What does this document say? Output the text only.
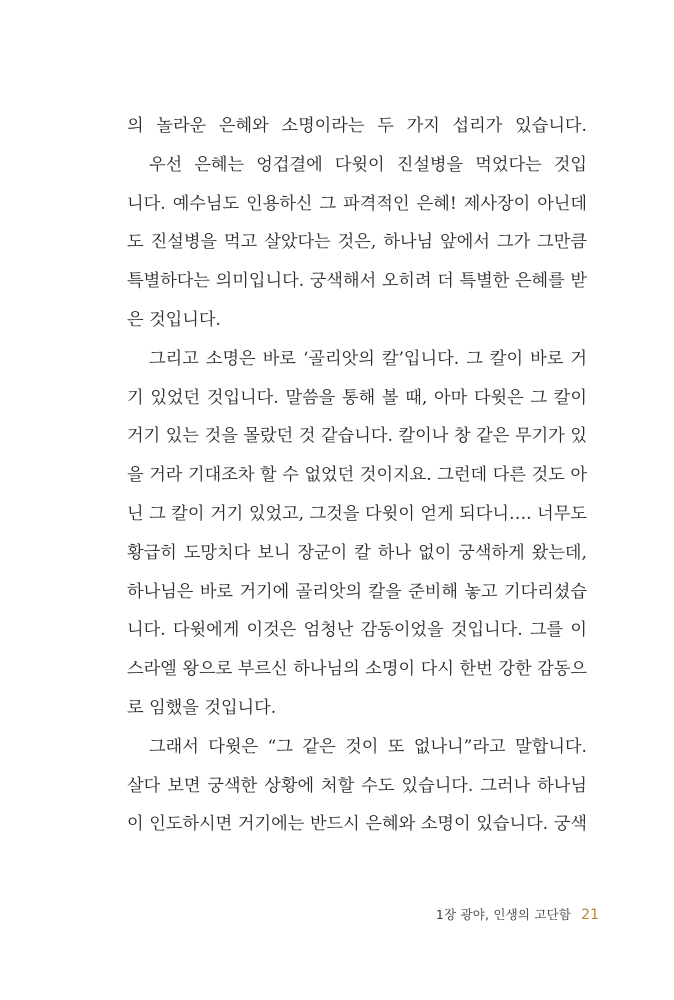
의 놀라운 은혜와 소명이라는 두 가지 섭리가 있습니다.
우선 은혜는 엉겁결에 다윗이 진설병을 먹었다는 것입
니다. 예수님도 인용하신 그 파격적인 은혜! 제사장이 아닌데
도 진설병을 먹고 살았다는 것은, 하나님 앞에서 그가 그만큼
특별하다는 의미입니다. 궁색해서 오히려 더 특별한 은혜를 받
은 것입니다.
그리고 소명은 바로 ‘골리앗의 칼’입니다. 그 칼이 바로 거
기 있었던 것입니다. 말씀을 통해 볼 때, 아마 다윗은 그 칼이
거기 있는 것을 몰랐던 것 같습니다. 칼이나 창 같은 무기가 있
을 거라 기대조차 할 수 없었던 것이지요. 그런데 다른 것도 아
닌 그 칼이 거기 있었고, 그것을 다윗이 얻게 되다니…. 너무도
황급히 도망치다 보니 장군이 칼 하나 없이 궁색하게 왔는데,
하나님은 바로 거기에 골리앗의 칼을 준비해 놓고 기다리셨습
니다. 다윗에게 이것은 엄청난 감동이었을 것입니다. 그를 이
스라엘 왕으로 부르신 하나님의 소명이 다시 한번 강한 감동으
로 임했을 것입니다.
그래서 다윗은 “그 같은 것이 또 없나니”라고 말합니다.
살다 보면 궁색한 상황에 처할 수도 있습니다. 그러나 하나님
이 인도하시면 거기에는 반드시 은혜와 소명이 있습니다. 궁색
1장 광야, 인생의 고단함 21
